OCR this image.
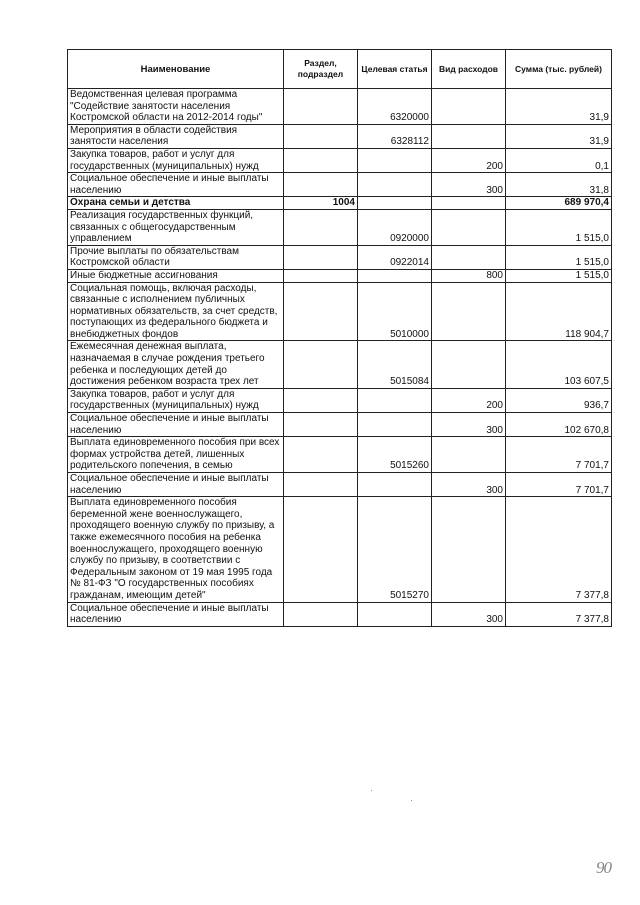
Наименование	Раздел, подраздел	Целевая статья	Вид расходов	Сумма (тыс. рублей)
Ведомственная целевая программа "Содействие занятости населения Костромской области на 2012-2014 годы"		6320000		31,9
Мероприятия в области содействия занятости населения		6328112		31,9
Закупка товаров, работ и услуг для государственных (муниципальных) нужд			200	0,1
Социальное обеспечение и иные выплаты населению			300	31,8
Охрана семьи и детства	1004			689 970,4
Реализация государственных функций, связанных с общегосударственным управлением		0920000		1 515,0
Прочие выплаты по обязательствам Костромской области		0922014		1 515,0
Иные бюджетные ассигнования			800	1 515,0
Социальная помощь, включая расходы, связанные с исполнением публичных нормативных обязательств, за счет средств, поступающих из федерального бюджета и внебюджетных фондов		5010000		118 904,7
Ежемесячная денежная выплата, назначаемая в случае рождения третьего ребенка и последующих детей до достижения ребенком возраста трех лет		5015084		103 607,5
Закупка товаров, работ и услуг для государственных (муниципальных) нужд			200	936,7
Социальное обеспечение и иные выплаты населению			300	102 670,8
Выплата единовременного пособия при всех формах устройства детей, лишенных родительского попечения, в семью		5015260		7 701,7
Социальное обеспечение и иные выплаты населению			300	7 701,7
Выплата единовременного пособия беременной жене военнослужащего, проходящего военную службу по призыву, а также ежемесячного пособия на ребенка военнослужащего, проходящего военную службу по призыву, в соответствии с Федеральным законом от 19 мая 1995 года № 81-ФЗ "О государственных пособиях гражданам, имеющим детей"		5015270		7 377,8
Социальное обеспечение и иные выплаты населению			300	7 377,8
90
